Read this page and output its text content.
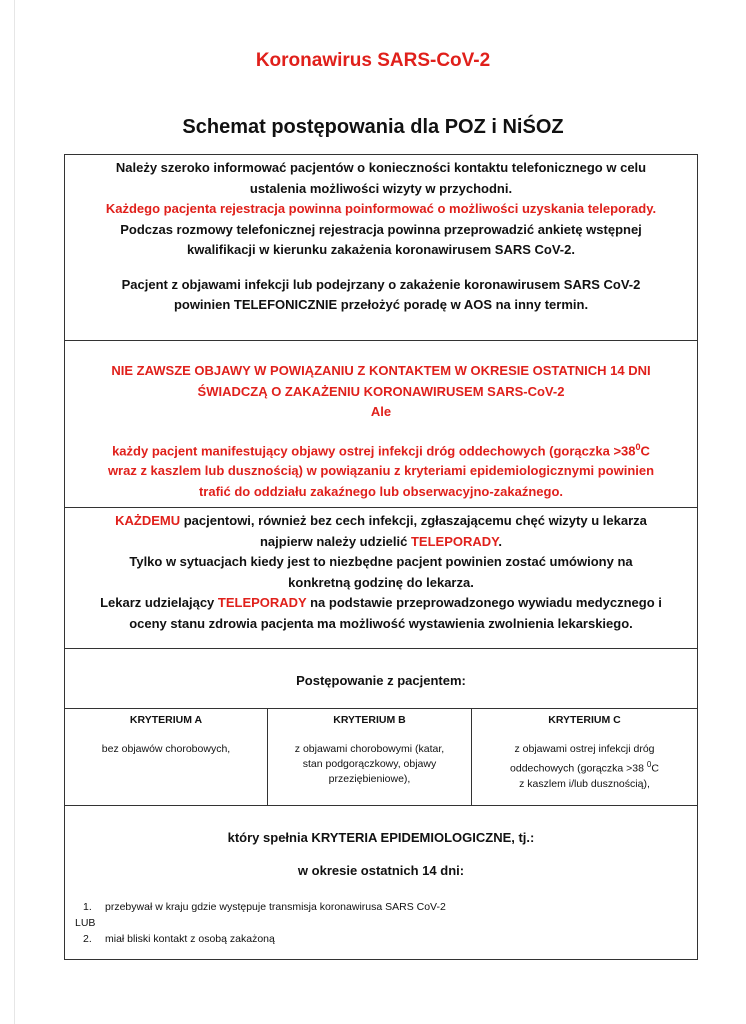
Koronawirus SARS-CoV-2
Schemat postępowania dla POZ i NiŚOZ

Należy szeroko informować pacjentów o konieczności kontaktu telefonicznego w celu

ustalenia możliwości wizyty w przychodni.

Każdego pacjenta rejestracja powinna poinformować o możliwości uzyskania teleporady.

Podczas rozmowy telefonicznej rejestracja powinna przeprowadzić ankietę wstępnej

kwalifikacji w kierunku zakażenia koronawirusem SARS CoV-2.

Pacjent z objawami infekcji lub podejrzany o zakażenie koronawirusem SARS CoV-2

powinien TELEFONICZNIE przełożyć poradę w AOS na inny termin.

NIE ZAWSZE OBJAWY W POWIĄZANIU Z KONTAKTEM W OKRESIE OSTATNICH 14 DNI

ŚWIADCZĄ O ZAKAŻENIU KORONAWIRUSEM SARS-CoV-2

Ale

każdy pacjent manifestujący objawy ostrej infekcji dróg oddechowych (gorączka $>38^0C$

wraz z kaszlem lub dusznością) w powiązaniu z kryteriami epidemiologicznymi powinien

trafić do oddziału zakaźnego lub obserwacyjno-zakaźnego.

KAŻDEMU pacjentowi, również bez cech infekcji, zgłaszającemu chęć wizyty u lekarza

najpierw należy udzielić TELEPORADY.

Tylko w sytuacjach kiedy jest to niezbędne pacjent powinien zostać umówiony na

konkretną godzinę do lekarza.

Lekarz udzielający TELEPORADY na podstawie przeprowadzonego wywiadu medycznego i

oceny stanu zdrowia pacjenta ma możliwość wystawienia zwolnienia lekarskiego.

Postępowanie z pacjentem:

KRYTERIUM A
bez objawów chorobowych,
KRYTERIUM B
z objawami chorobowymi (katar,
stan podgorączkowy, objawy
przeziębieniowe),
KRYTERIUM C
z objawami ostrej infekcji dróg
oddechowych (gorączka >38 $^0$C
z kaszlem i/lub dusznością),
który spełnia KRYTERIA EPIDEMIOLOGICZNE, tj.:
w okresie ostatnich 14 dni:
1. przebywał w kraju gdzie występuje transmisja koronawirusa SARS CoV-2
LUB
2. miał bliski kontakt z osobą zakażoną
